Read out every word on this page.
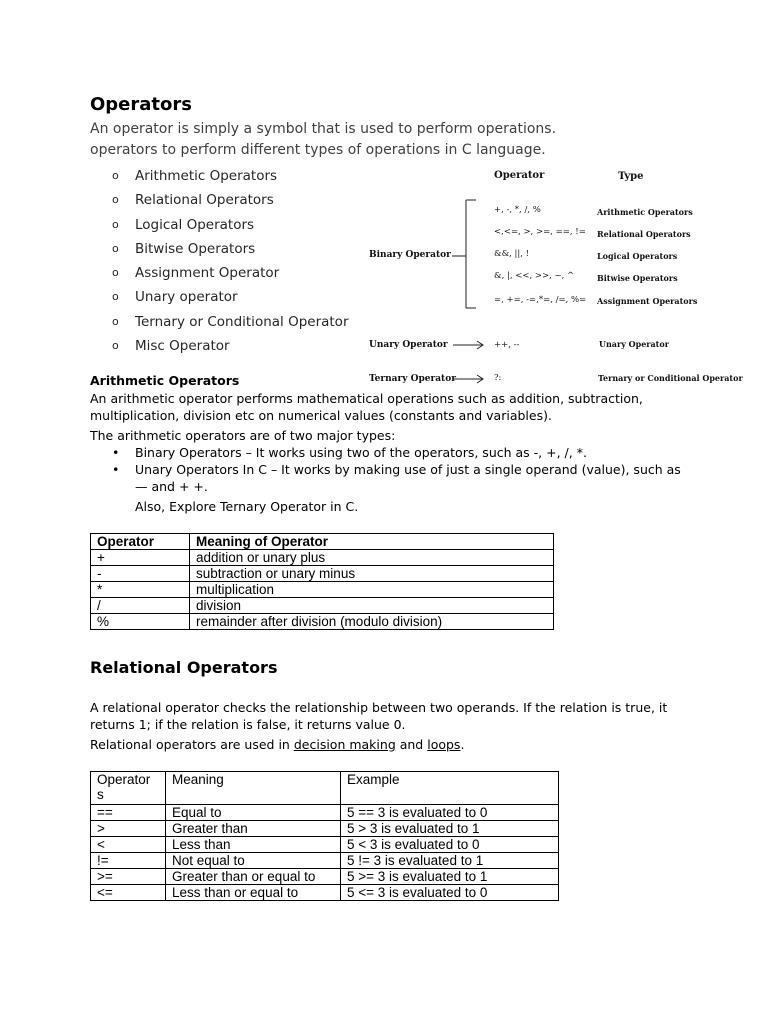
Operators
An operator is simply a symbol that is used to perform operations.
operators to perform different types of operations in C language.
o Arithmetic Operators
o Relational Operators
o Logical Operators
o Bitwise Operators
o Assignment Operator
o Unary operator
o Ternary or Conditional Operator
o Misc Operator
Operator	Type
Binary Operator
+, -, *, /, %	Arithmetic Operators
<,<=, >, >=, ==, != Relational Operators
&&, ||, !	Logical Operators
&, |, <<, >>, ~, ^	Bitwise Operators
=, +=, -=,*=, /=, %= Assignment Operators
Unary Operator	++, --	Unary Operator
Ternary Operator	?:	Ternary or Conditional Operator
Arithmetic Operators
An arithmetic operator performs mathematical operations such as addition, subtraction, multiplication, division etc on numerical values (constants and variables).
The arithmetic operators are of two major types:
• Binary Operators – It works using two of the operators, such as -, +, /, *.
• Unary Operators In C – It works by making use of just a single operand (value), such as — and + +.
Also, Explore Ternary Operator in C.
Operator	Meaning of Operator
+	addition or unary plus
-	subtraction or unary minus
*	multiplication
/	division
%	remainder after division (modulo division)
Relational Operators
A relational operator checks the relationship between two operands. If the relation is true, it returns 1; if the relation is false, it returns value 0.
Relational operators are used in decision making and loops.
Operator s	Meaning	Example
==	Equal to	5 == 3 is evaluated to 0
>	Greater than	5 > 3 is evaluated to 1
<	Less than	5 < 3 is evaluated to 0
!=	Not equal to	5 != 3 is evaluated to 1
>=	Greater than or equal to	5 >= 3 is evaluated to 1
<=	Less than or equal to	5 <= 3 is evaluated to 0
